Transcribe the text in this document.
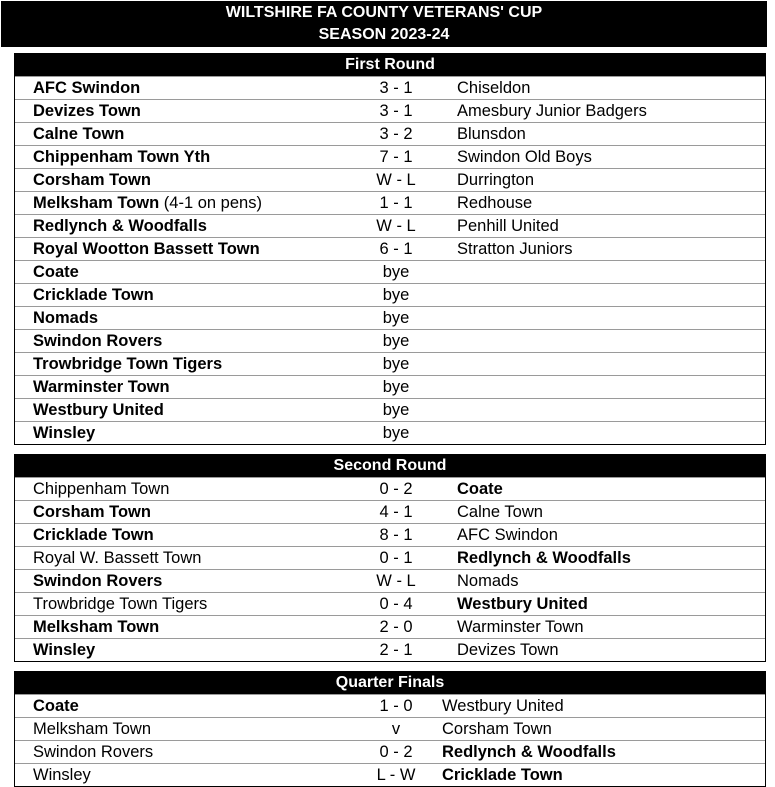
WILTSHIRE FA COUNTY VETERANS' CUP
SEASON 2023-24
First Round
AFC Swindon	3 - 1	Chiseldon
Devizes Town	3 - 1	Amesbury Junior Badgers
Calne Town	3 - 2	Blunsdon
Chippenham Town Yth	7 - 1	Swindon Old Boys
Corsham Town	W - L	Durrington
Melksham Town (4-1 on pens)	1 - 1	Redhouse
Redlynch & Woodfalls	W - L	Penhill United
Royal Wootton Bassett Town	6 - 1	Stratton Juniors
Coate	bye
Cricklade Town	bye
Nomads	bye
Swindon Rovers	bye
Trowbridge Town Tigers	bye
Warminster Town	bye
Westbury United	bye
Winsley	bye
Second Round
Chippenham Town	0 - 2	Coate
Corsham Town	4 - 1	Calne Town
Cricklade Town	8 - 1	AFC Swindon
Royal W. Bassett Town	0 - 1	Redlynch & Woodfalls
Swindon Rovers	W - L	Nomads
Trowbridge Town Tigers	0 - 4	Westbury United
Melksham Town	2 - 0	Warminster Town
Winsley	2 - 1	Devizes Town
Quarter Finals
Coate	1 - 0	Westbury United
Melksham Town	v	Corsham Town
Swindon Rovers	0 - 2	Redlynch & Woodfalls
Winsley	L - W	Cricklade Town
